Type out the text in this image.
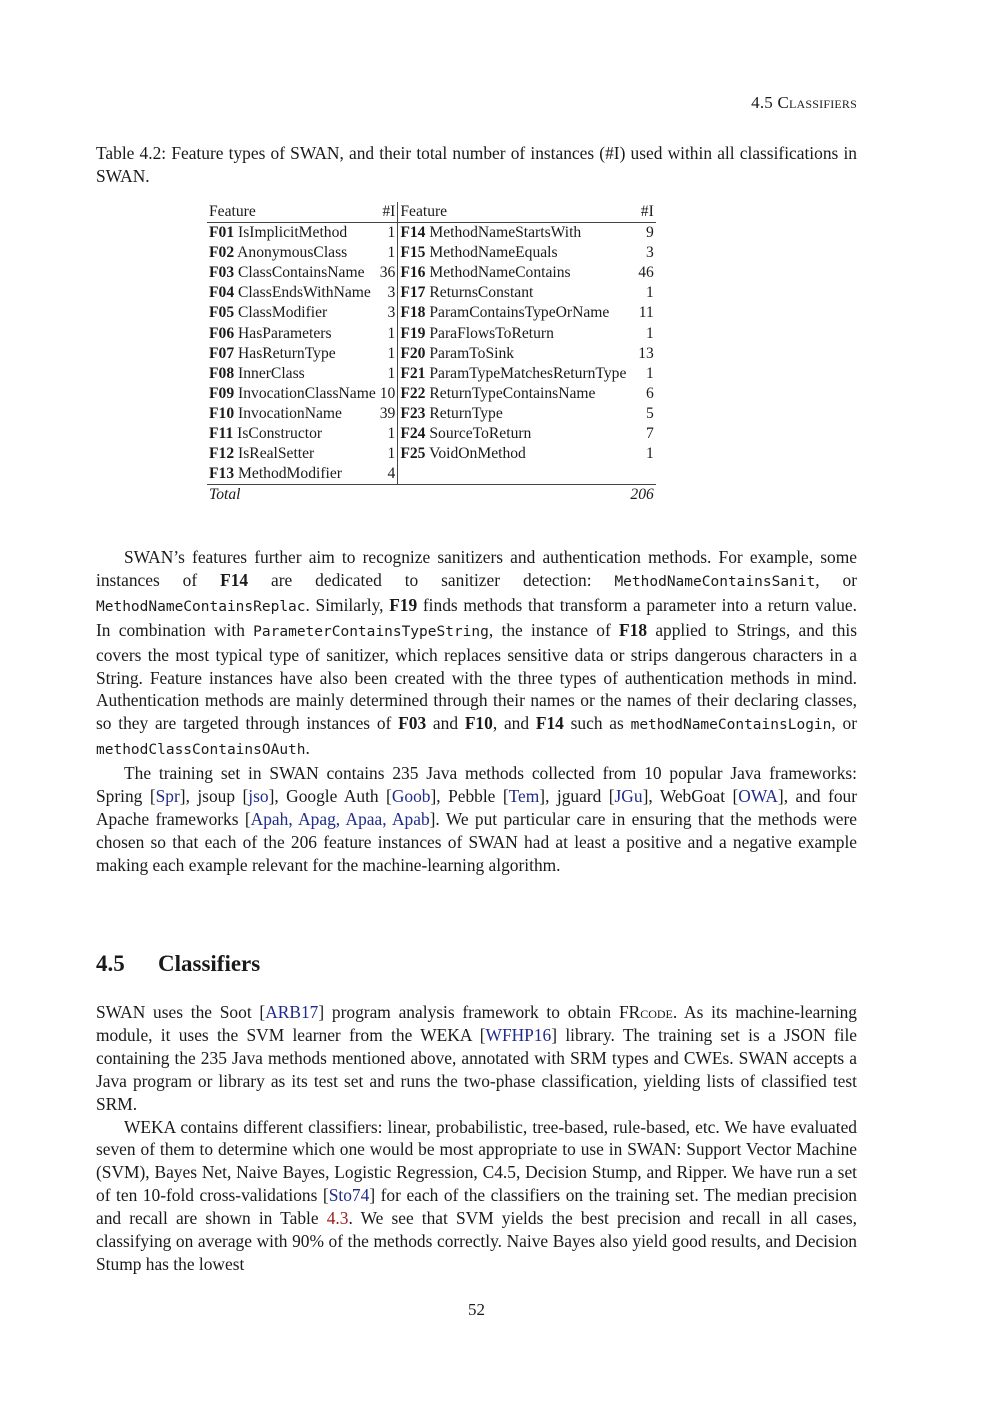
4.5 Classifiers
Table 4.2: Feature types of SWAN, and their total number of instances (#I) used within all classifications in SWAN.
Feature	#I	Feature	#I
F01 IsImplicitMethod	1	F14 MethodNameStartsWith	9
F02 AnonymousClass	1	F15 MethodNameEquals	3
F03 ClassContainsName	36	F16 MethodNameContains	46
F04 ClassEndsWithName	3	F17 ReturnsConstant	1
F05 ClassModifier	3	F18 ParamContainsTypeOrName	11
F06 HasParameters	1	F19 ParaFlowsToReturn	1
F07 HasReturnType	1	F20 ParamToSink	13
F08 InnerClass	1	F21 ParamTypeMatchesReturnType	1
F09 InvocationClassName	10	F22 ReturnTypeContainsName	6
F10 InvocationName	39	F23 ReturnType	5
F11 IsConstructor	1	F24 SourceToReturn	7
F12 IsRealSetter	1	F25 VoidOnMethod	1
F13 MethodModifier	4		
Total			206

SWAN’s features further aim to recognize sanitizers and authentication methods. For example, some instances of F14 are dedicated to sanitizer detection: MethodNameContainsSanit, or MethodNameContainsReplac. Similarly, F19 finds methods that transform a parameter into a return value. In combination with ParameterContainsTypeString, the instance of F18 applied to Strings, and this covers the most typical type of sanitizer, which replaces sensitive data or strips dangerous characters in a String. Feature instances have also been created with the three types of authentication methods in mind. Authentication methods are mainly determined through their names or the names of their declaring classes, so they are targeted through instances of F03 and F10, and F14 such as methodNameContainsLogin, or methodClassContainsOAuth.

The training set in SWAN contains 235 Java methods collected from 10 popular Java frameworks: Spring [Spr], jsoup [jso], Google Auth [Goob], Pebble [Tem], jguard [JGu], WebGoat [OWA], and four Apache frameworks [Apah, Apag, Apaa, Apab]. We put particular care in ensuring that the methods were chosen so that each of the 206 feature instances of SWAN had at least a positive and a negative example making each example relevant for the machine-learning algorithm.

4.5 Classifiers

SWAN uses the Soot [ARB17] program analysis framework to obtain FRcode. As its machine-learning module, it uses the SVM learner from the WEKA [WFHP16] library. The training set is a JSON file containing the 235 Java methods mentioned above, annotated with SRM types and CWEs. SWAN accepts a Java program or library as its test set and runs the two-phase classification, yielding lists of classified test SRM.

WEKA contains different classifiers: linear, probabilistic, tree-based, rule-based, etc. We have evaluated seven of them to determine which one would be most appropriate to use in SWAN: Support Vector Machine (SVM), Bayes Net, Naive Bayes, Logistic Regression, C4.5, Decision Stump, and Ripper. We have run a set of ten 10-fold cross-validations [Sto74] for each of the classifiers on the training set. The median precision and recall are shown in Table 4.3. We see that SVM yields the best precision and recall in all cases, classifying on average with 90% of the methods correctly. Naive Bayes also yield good results, and Decision Stump has the lowest

52
